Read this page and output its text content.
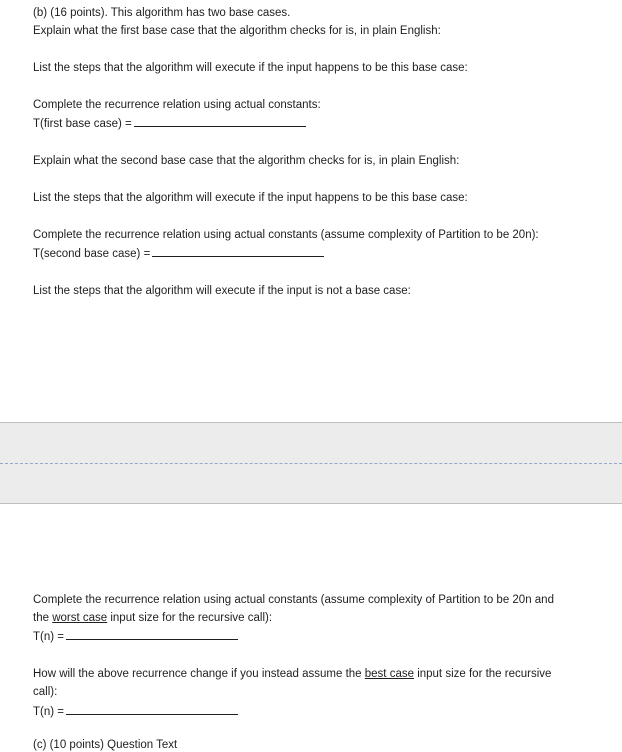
(b) (16 points). This algorithm has two base cases.
Explain what the first base case that the algorithm checks for is, in plain English:
List the steps that the algorithm will execute if the input happens to be this base case:
Complete the recurrence relation using actual constants:
T(first base case) =
Explain what the second base case that the algorithm checks for is, in plain English:
List the steps that the algorithm will execute if the input happens to be this base case:
Complete the recurrence relation using actual constants (assume complexity of Partition to be 20n):
T(second base case) =
List the steps that the algorithm will execute if the input is not a base case:
Complete the recurrence relation using actual constants (assume complexity of Partition to be 20n and
the worst case input size for the recursive call):
T(n) =
How will the above recurrence change if you instead assume the best case input size for the recursive
call):
T(n) =
(c) (10 points) Question Text
